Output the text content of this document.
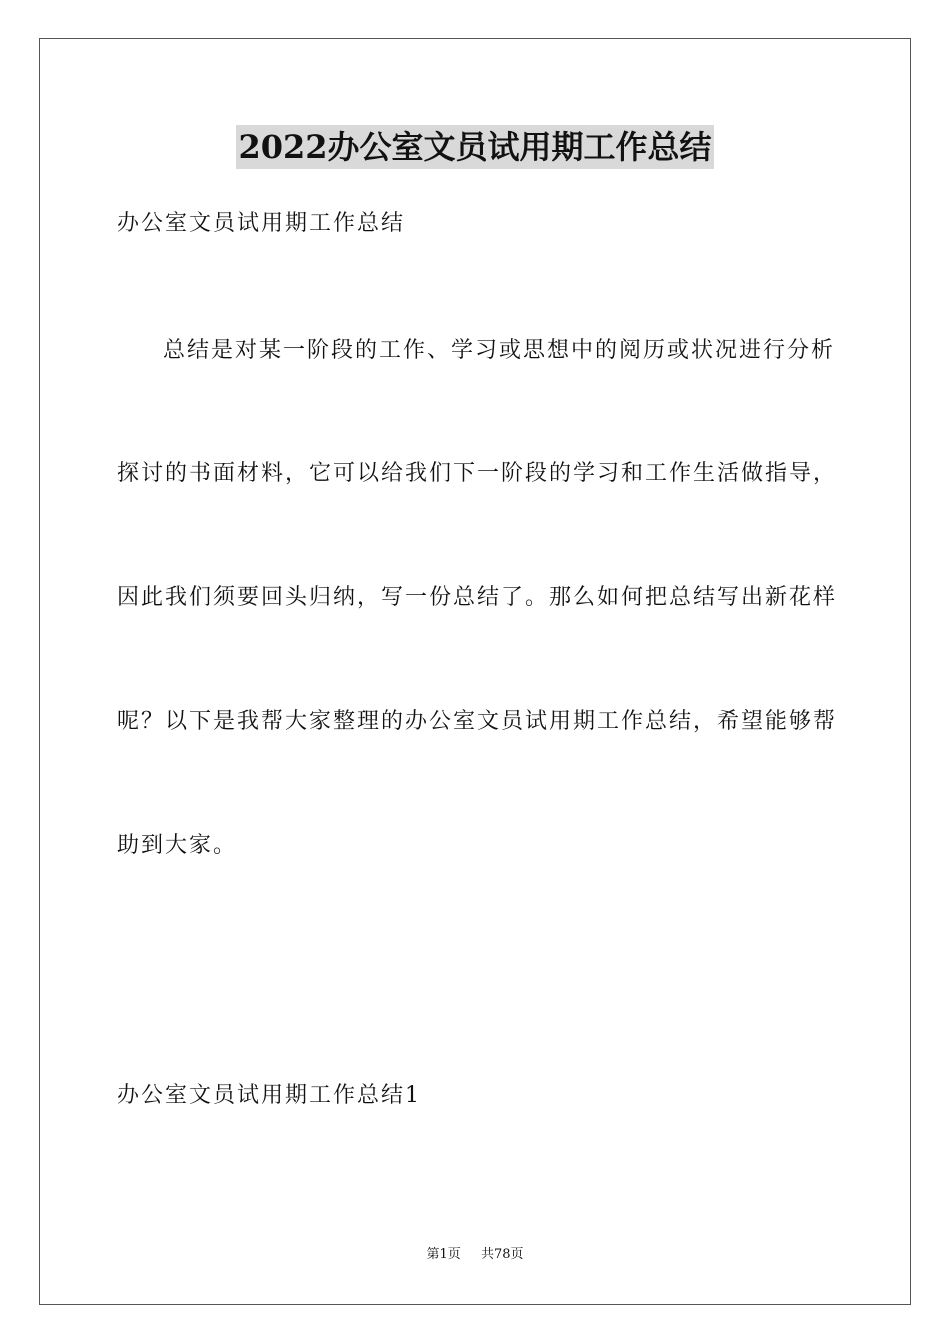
2022办公室文员试用期工作总结
办公室文员试用期工作总结
总结是对某一阶段的工作、学习或思想中的阅历或状况进行分析
探讨的书面材料，它可以给我们下一阶段的学习和工作生活做指导，
因此我们须要回头归纳，写一份总结了。那么如何把总结写出新花样
呢？以下是我帮大家整理的办公室文员试用期工作总结，希望能够帮
助到大家。
办公室文员试用期工作总结1
第1页 共78页
